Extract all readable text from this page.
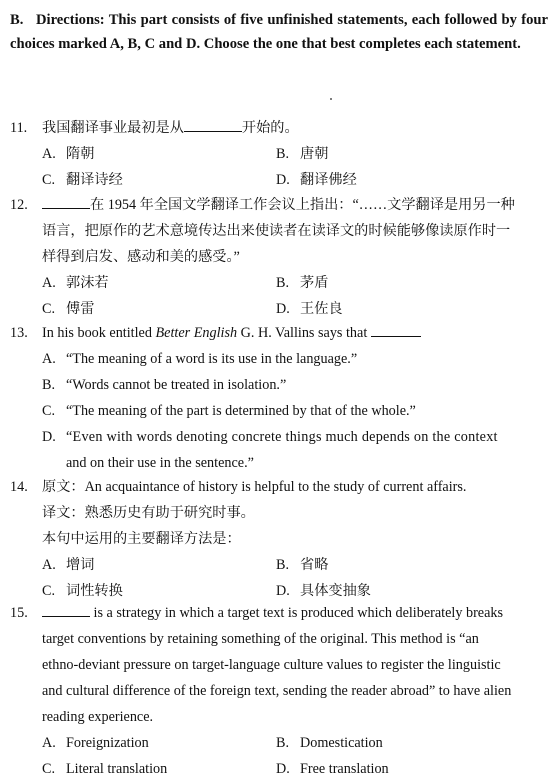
B. Directions: This part consists of five unfinished statements, each followed by four choices marked A, B, C and D. Choose the one that best completes each statement.
11. 我国翻译事业最初是从	开始的。
A. 隋朝	B. 唐朝
C. 翻译诗经	D. 翻译佛经
12.	在 1954 年全国文学翻译工作会议上指出：“……文学翻译是用另一种
语言，把原作的艺术意境传达出来使读者在读译文的时候能够像读原作时一
样得到启发、感动和美的感受。”
A. 郭沫若	B. 茅盾
C. 傅雷	D. 王佐良
13. In his book entitled Better English G. H. Vallins says that
A. “The meaning of a word is its use in the language.”
B. “Words cannot be treated in isolation.”
C. “The meaning of the part is determined by that of the whole.”
D. “Even with words denoting concrete things much depends on the context
and on their use in the sentence.”
14. 原文：An acquaintance of history is helpful to the study of current affairs.
译文：熟悉历史有助于研究时事。
本句中运用的主要翻译方法是：
A. 增词	B. 省略
C. 词性转换	D. 具体变抽象
15.	is a strategy in which a target text is produced which deliberately breaks
target conventions by retaining something of the original. This method is “an
ethno-deviant pressure on target-language culture values to register the linguistic
and cultural difference of the foreign text, sending the reader abroad” to have alien
reading experience.
A. Foreignization	B. Domestication
C. Literal translation	D. Free translation
